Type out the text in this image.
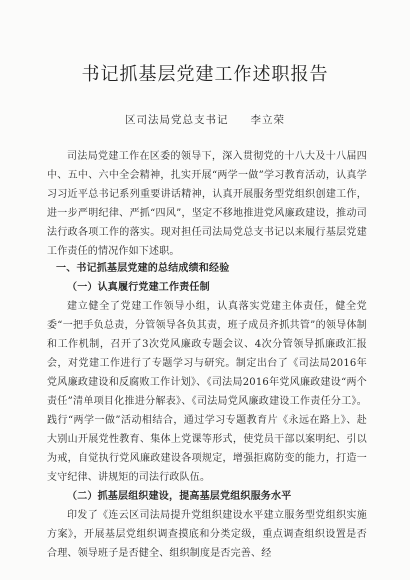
书记抓基层党建工作述职报告
区司法局党总支书记 李立荣

司法局党建工作在区委的领导下，深入贯彻党的十八大及十八届四中、五中、六中全会精神，扎实开展“两学一做”学习教育活动，认真学习习近平总书记系列重要讲话精神，认真开展服务型党组织创建工作，进一步严明纪律、严抓“四风”，坚定不移地推进党风廉政建设，推动司法行政各项工作的落实。现对担任司法局党总支书记以来履行基层党建工作责任的情况作如下述职。

一、书记抓基层党建的总结成绩和经验

（一）认真履行党建工作责任制

建立健全了党建工作领导小组，认真落实党建主体责任，健全党委“一把手负总责，分管领导各负其责，班子成员齐抓共管”的领导体制和工作机制，召开了3次党风廉政专题会议、4次分管领导抓廉政汇报会，对党建工作进行了专题学习与研究。制定出台了《司法局2016年党风廉政建设和反腐败工作计划》、《司法局2016年党风廉政建设“两个责任”清单项目化推进分解表》、《司法局党风廉政建设工作责任分工》。践行“两学一做”活动相结合，通过学习专题教育片《永远在路上》、赴大别山开展党性教育、集体上党课等形式，使党员干部以案明纪、引以为戒，自觉执行党风廉政建设各项规定，增强拒腐防变的能力，打造一支守纪律、讲规矩的司法行政队伍。

（二）抓基层组织建设，提高基层党组织服务水平

印发了《连云区司法局提升党组织建设水平建立服务型党组织实施方案》，开展基层党组织调查摸底和分类定级，重点调查组织设置是否合理、领导班子是否健全、组织制度是否完善、经
